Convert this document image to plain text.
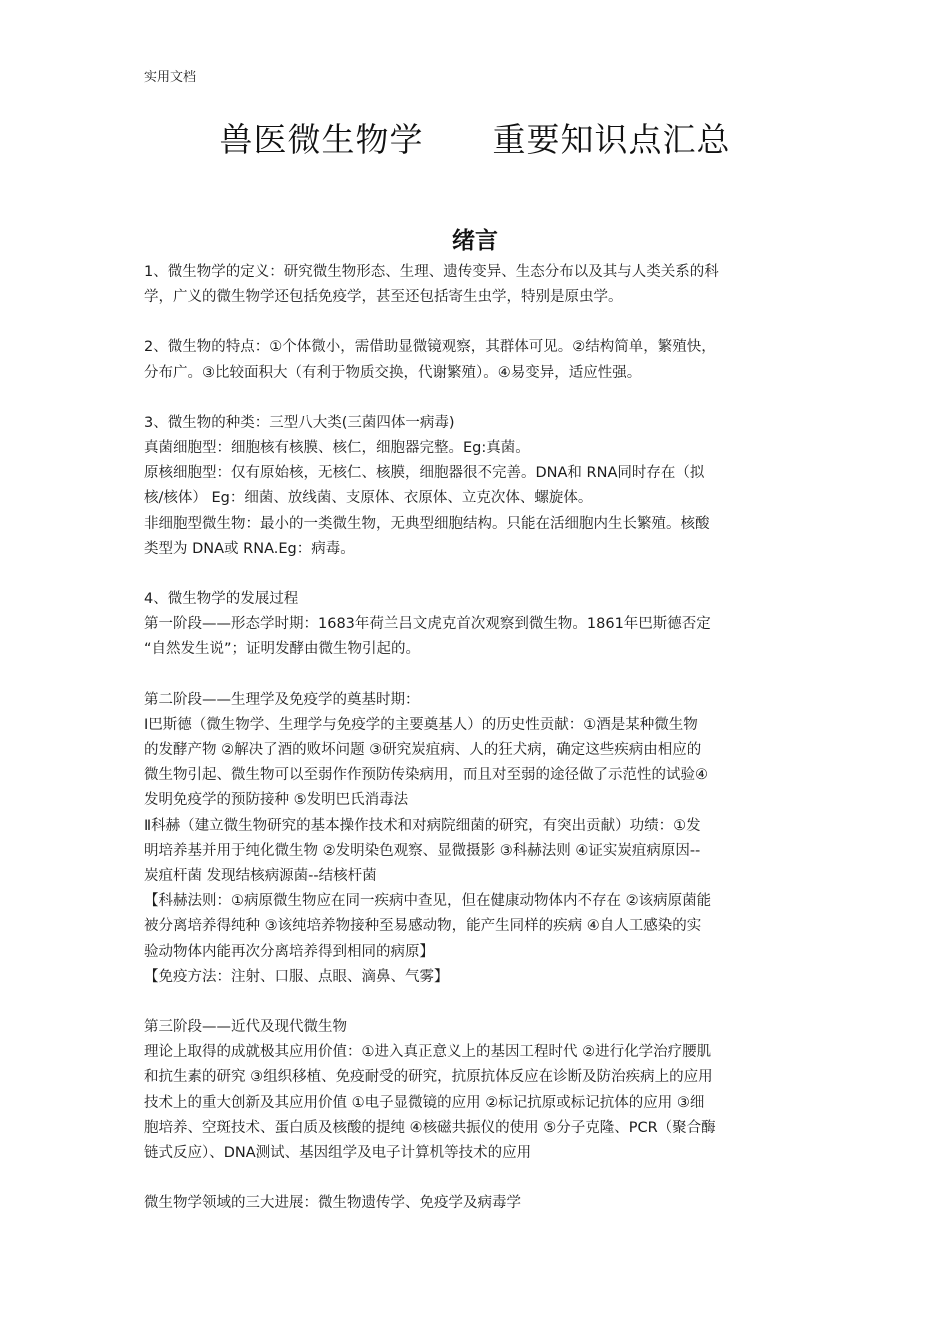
实用文档
兽医微生物学      重要知识点汇总
绪言
1、微生物学的定义：研究微生物形态、生理、遗传变异、生态分布以及其与人类关系的科
学，广义的微生物学还包括免疫学，甚至还包括寄生虫学，特别是原虫学。
2、微生物的特点：①个体微小，需借助显微镜观察，其群体可见。②结构简单，繁殖快，
分布广。③比较面积大（有利于物质交换，代谢繁殖）。④易变异，适应性强。
3、微生物的种类：三型八大类(三菌四体一病毒)
真菌细胞型：细胞核有核膜、核仁，细胞器完整。Eg:真菌。
原核细胞型：仅有原始核，无核仁、核膜，细胞器很不完善。DNA和 RNA同时存在（拟
核/核体） Eg：细菌、放线菌、支原体、衣原体、立克次体、螺旋体。
非细胞型微生物：最小的一类微生物，无典型细胞结构。只能在活细胞内生长繁殖。核酸
类型为 DNA或 RNA.Eg：病毒。
4、微生物学的发展过程
第一阶段——形态学时期：1683年荷兰吕文虎克首次观察到微生物。1861年巴斯德否定
“自然发生说”；证明发酵由微生物引起的。
第二阶段——生理学及免疫学的奠基时期：
Ⅰ巴斯德（微生物学、生理学与免疫学的主要奠基人）的历史性贡献：①酒是某种微生物
的发酵产物 ②解决了酒的败坏问题 ③研究炭疽病、人的狂犬病，确定这些疾病由相应的
微生物引起、微生物可以至弱作作预防传染病用，而且对至弱的途径做了示范性的试验④
发明免疫学的预防接种 ⑤发明巴氏消毒法
Ⅱ科赫（建立微生物研究的基本操作技术和对病院细菌的研究，有突出贡献）功绩：①发
明培养基并用于纯化微生物 ②发明染色观察、显微摄影 ③科赫法则 ④证实炭疽病原因--
炭疽杆菌 发现结核病源菌--结核杆菌
【科赫法则：①病原微生物应在同一疾病中查见，但在健康动物体内不存在 ②该病原菌能
被分离培养得纯种 ③该纯培养物接种至易感动物，能产生同样的疾病 ④自人工感染的实
验动物体内能再次分离培养得到相同的病原】
【免疫方法：注射、口服、点眼、滴鼻、气雾】
第三阶段——近代及现代微生物
理论上取得的成就极其应用价值：①进入真正意义上的基因工程时代 ②进行化学治疗腰肌
和抗生素的研究 ③组织移植、免疫耐受的研究，抗原抗体反应在诊断及防治疾病上的应用
技术上的重大创新及其应用价值 ①电子显微镜的应用 ②标记抗原或标记抗体的应用 ③细
胞培养、空斑技术、蛋白质及核酸的提纯 ④核磁共振仪的使用 ⑤分子克隆、PCR（聚合酶
链式反应）、DNA测试、基因组学及电子计算机等技术的应用
微生物学领域的三大进展：微生物遗传学、免疫学及病毒学
